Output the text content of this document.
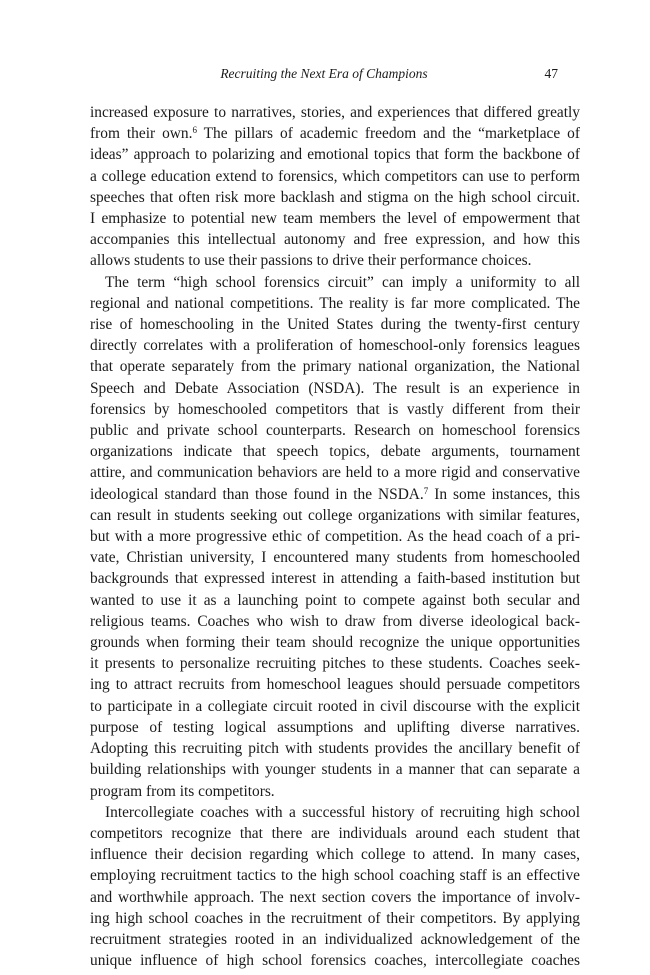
Recruiting the Next Era of Champions	47
increased exposure to narratives, stories, and experiences that differed greatly
from their own.$^6$ The pillars of academic freedom and the “marketplace of
ideas” approach to polarizing and emotional topics that form the backbone of
a college education extend to forensics, which competitors can use to perform
speeches that often risk more backlash and stigma on the high school circuit.
I emphasize to potential new team members the level of empowerment that
accompanies this intellectual autonomy and free expression, and how this
allows students to use their passions to drive their performance choices.
The term “high school forensics circuit” can imply a uniformity to all
regional and national competitions. The reality is far more complicated. The
rise of homeschooling in the United States during the twenty-first century
directly correlates with a proliferation of homeschool-only forensics leagues
that operate separately from the primary national organization, the National
Speech and Debate Association (NSDA). The result is an experience in
forensics by homeschooled competitors that is vastly different from their
public and private school counterparts. Research on homeschool forensics
organizations indicate that speech topics, debate arguments, tournament
attire, and communication behaviors are held to a more rigid and conservative
ideological standard than those found in the NSDA.$^7$ In some instances, this
can result in students seeking out college organizations with similar features,
but with a more progressive ethic of competition. As the head coach of a pri-
vate, Christian university, I encountered many students from homeschooled
backgrounds that expressed interest in attending a faith-based institution but
wanted to use it as a launching point to compete against both secular and
religious teams. Coaches who wish to draw from diverse ideological back-
grounds when forming their team should recognize the unique opportunities
it presents to personalize recruiting pitches to these students. Coaches seek-
ing to attract recruits from homeschool leagues should persuade competitors
to participate in a collegiate circuit rooted in civil discourse with the explicit
purpose of testing logical assumptions and uplifting diverse narratives.
Adopting this recruiting pitch with students provides the ancillary benefit of
building relationships with younger students in a manner that can separate a
program from its competitors.
Intercollegiate coaches with a successful history of recruiting high school
competitors recognize that there are individuals around each student that
influence their decision regarding which college to attend. In many cases,
employing recruitment tactics to the high school coaching staff is an effective
and worthwhile approach. The next section covers the importance of involv-
ing high school coaches in the recruitment of their competitors. By applying
recruitment strategies rooted in an individualized acknowledgement of the
unique influence of high school forensics coaches, intercollegiate coaches
